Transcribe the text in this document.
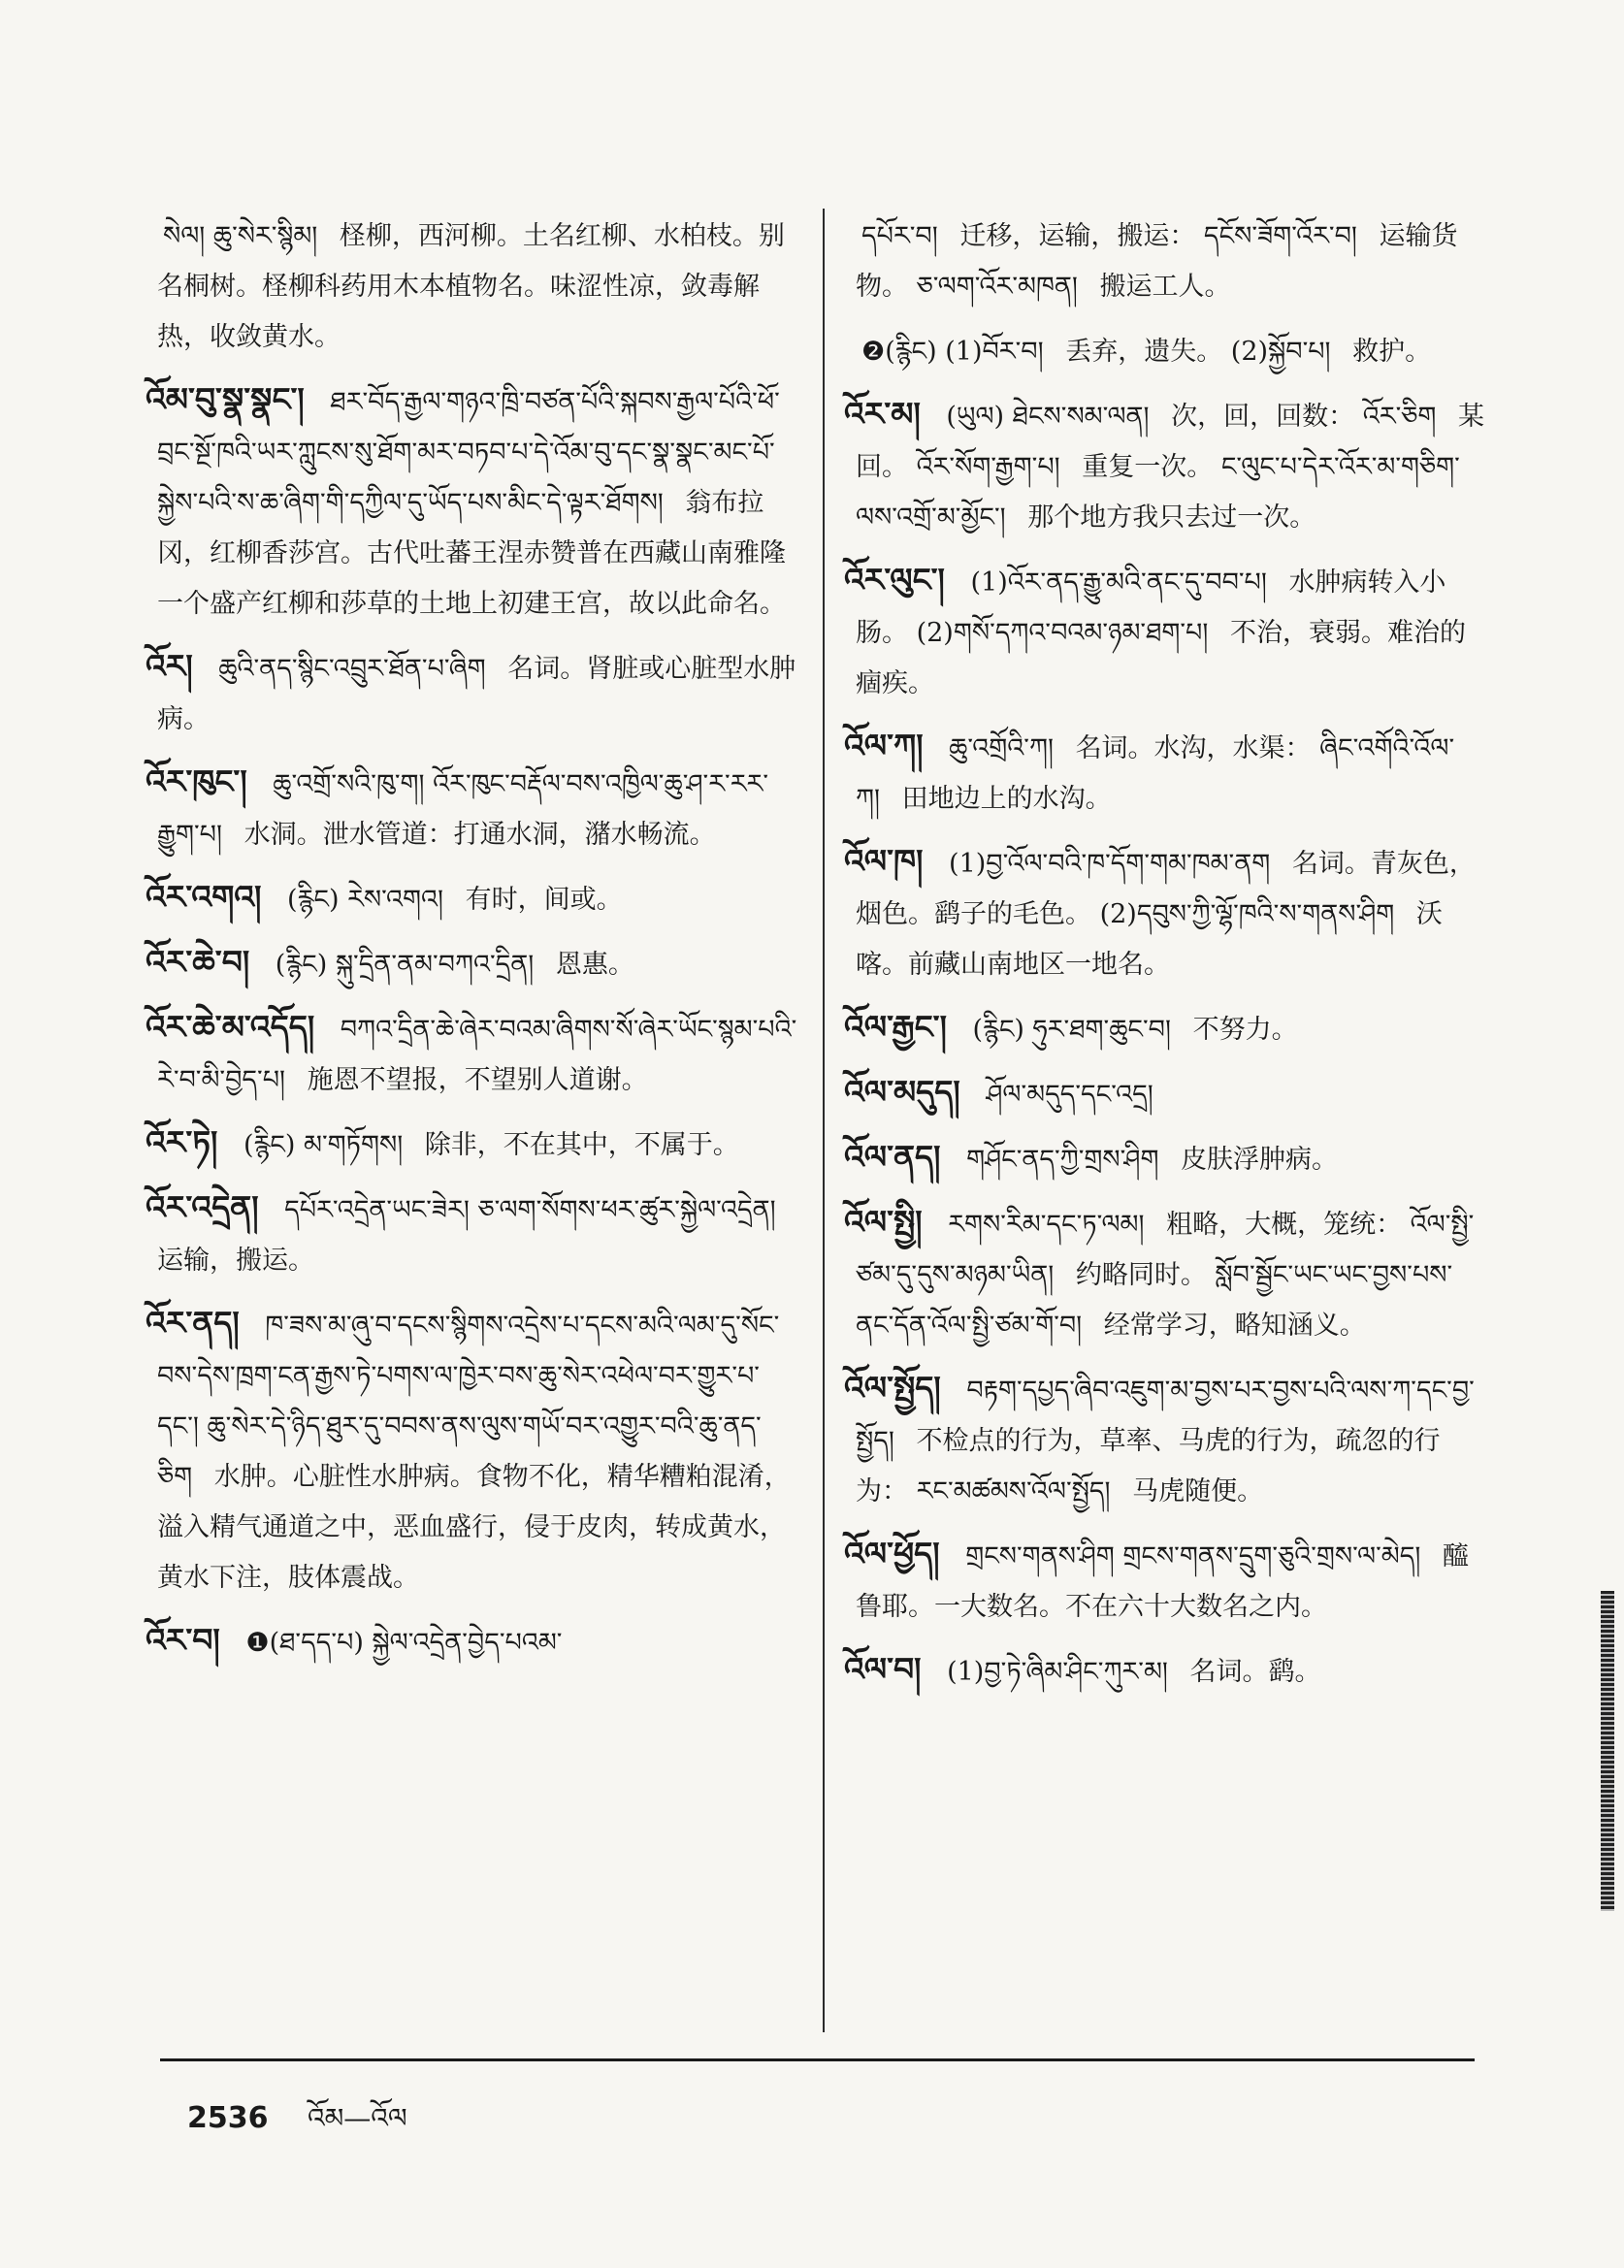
སེལ། ཆུ་སེར་སྙིམ། 柽柳，西河柳。土名红柳、水柏枝。别名桐树。柽柳科药用木本植物名。味涩性凉，敛毒解热，收敛黄水。
འོམ་བུ་སྣ་སྣང་། ཐར་བོད་རྒྱལ་གཉའ་ཁྲི་བཙན་པོའི་སྐབས་རྒྱལ་པོའི་ཕོ་བྲང་སྔོ་ཁའི་ཡར་ཀླུངས་སུ་ཐོག་མར་བཏབ་པ་དེ་འོམ་བུ་དང་སྣ་སྣང་མང་པོ་སྐྱེས་པའི་ས་ཆ་ཞིག་གི་དཀྱིལ་དུ་ཡོད་པས་མིང་དེ་ལྟར་ཐོགས། 翁布拉冈，红柳香莎宫。古代吐蕃王涅赤赞普在西藏山南雅隆一个盛产红柳和莎草的土地上初建王宫，故以此命名。
འོར། ཆུའི་ནད་སྙིང་འབྲུར་ཐོན་པ་ཞིག 名词。肾脏或心脏型水肿病。
འོར་ཁུང་། ཆུ་འགྲོ་སའི་ཁུ་ག། འོར་ཁུང་བརྡོལ་བས་འཁྱིལ་ཆུ་ཤ་ར་རར་རྒྱུག་པ། 水洞。泄水管道：打通水洞，潴水畅流。
འོར་འགའ། (རྙིང) རེས་འགའ། 有时，间或。
འོར་ཆེ་བ། (རྙིང) སྐུ་དྲིན་ནམ་བཀའ་དྲིན། 恩惠。
འོར་ཆེ་མ་འདོད། བཀའ་དྲིན་ཆེ་ཞེར་བའམ་ཞིགས་སོ་ཞེར་ཡོང་སྙམ་པའི་རེ་བ་མི་བྱེད་པ། 施恩不望报，不望别人道谢。
འོར་ཏེ། (རྙིང) མ་གཏོགས། 除非，不在其中，不属于。
འོར་འདྲེན། དཔོར་འདྲེན་ཡང་ཟེར། ཅ་ལག་སོགས་ཕར་ཚུར་སྐྱེལ་འདྲེན། 运输，搬运。
འོར་ནད། ཁ་ཟས་མ་ཞུ་བ་དངས་སྙིགས་འདྲེས་པ་དངས་མའི་ལམ་དུ་སོང་བས་དེས་ཁྲག་ངན་རྒྱས་ཏེ་པགས་ལ་ཁྱེར་བས་ཆུ་སེར་འཕེལ་བར་གྱུར་པ་དང་། ཆུ་སེར་དེ་ཉིད་ཐུར་དུ་བབས་ནས་ལུས་གཡོ་བར་འགྱུར་བའི་ཆུ་ནད་ཅིག 水肿。心脏性水肿病。食物不化，精华糟粕混淆，溢入精气通道之中，恶血盛行，侵于皮肉，转成黄水，黄水下注，肢体震战。
འོར་བ། ❶(ཐ་དད་པ) སྐྱེལ་འདྲེན་བྱེད་པའམ་
དཔོར་བ། 迁移，运输，搬运： དངོས་ཟོག་འོར་བ། 运输货物。 ཅ་ལག་འོར་མཁན། 搬运工人。
❷(རྙིང) (1)བོར་བ། 丢弃，遗失。 (2)སྐྱོབ་པ། 救护。
འོར་མ། (ཡུལ) ཐེངས་སམ་ལན། 次，回，回数： འོར་ཅིག 某回。 འོར་སོག་རྒྱག་པ། 重复一次。 ང་ལུང་པ་དེར་འོར་མ་གཅིག་ལས་འགྲོ་མ་མྱོང་། 那个地方我只去过一次。
འོར་ལུང་། (1)འོར་ནད་རྒྱུ་མའི་ནང་དུ་བབ་པ། 水肿病转入小肠。 (2)གསོ་དཀའ་བའམ་ཉམ་ཐག་པ། 不治，衰弱。难治的痼疾。
འོལ་ཀ། ཆུ་འགྲོའི་ཀ། 名词。水沟，水渠： ཞིང་འགོའི་འོལ་ཀ། 田地边上的水沟。
འོལ་ཁ། (1)བྱ་འོལ་བའི་ཁ་དོག་གམ་ཁམ་ནག 名词。青灰色，烟色。鹞子的毛色。 (2)དབུས་ཀྱི་ལྷོ་ཁའི་ས་གནས་ཤིག 沃喀。前藏山南地区一地名。
འོལ་རྒྱང་། (རྙིང) ཧུར་ཐག་ཆུང་བ། 不努力。
འོལ་མདུད། ཤོལ་མདུད་དང་འདྲ།
འོལ་ནད། གཤོང་ནད་ཀྱི་གྲས་ཤིག 皮肤浮肿病。
འོལ་སྤྱི། རགས་རིམ་དང་ཏ་ལམ། 粗略，大概，笼统： འོལ་སྤྱི་ཙམ་དུ་དུས་མཉམ་ཡིན། 约略同时。 སློབ་སྦྱོང་ཡང་ཡང་བྱས་པས་ནང་དོན་འོལ་སྤྱི་ཙམ་གོ་བ། 经常学习，略知涵义。
འོལ་སྤྱོད། བརྟག་དཔྱད་ཞིབ་འཇུག་མ་བྱས་པར་བྱས་པའི་ལས་ཀ་དང་བྱ་སྤྱོད། 不检点的行为，草率、马虎的行为，疏忽的行为： རང་མཚམས་འོལ་སྤྱོད། 马虎随便。
འོལ་ཕྱོད། གྲངས་གནས་ཤིག གྲངས་གནས་དྲུག་ཅུའི་གྲས་ལ་མེད། 醯鲁耶。一大数名。不在六十大数名之内。
འོལ་བ། (1)བྱ་ཏེ་ཞིམ་ཤིང་ཀུར་མ། 名词。鹞。
2536 འོམ—འོལ
